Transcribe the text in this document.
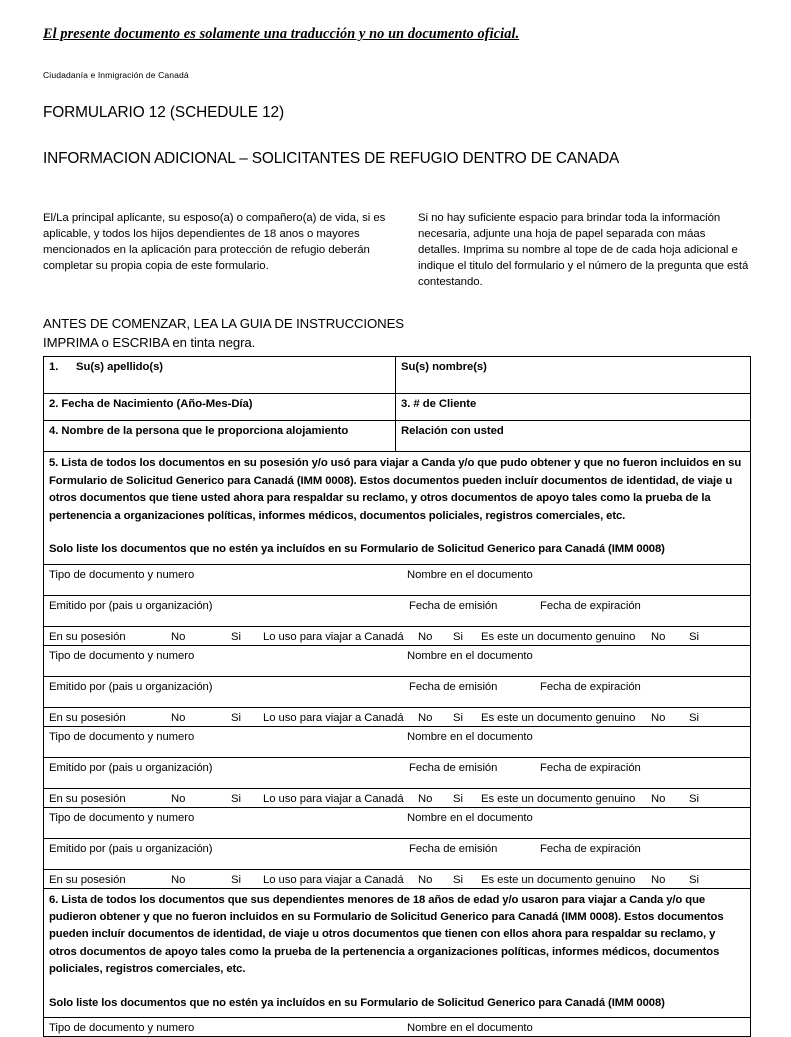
El presente documento es solamente una traducción y no un documento oficial.
Ciudadanía e Inmigración de Canadá
FORMULARIO 12 (SCHEDULE 12)
INFORMACION ADICIONAL – SOLICITANTES DE REFUGIO DENTRO DE CANADA
El/La principal aplicante, su esposo(a) o compañero(a) de vida, si es aplicable, y todos los hijos dependientes de 18 anos o mayores mencionados en la aplicación para protección de refugio deberán completar su propia copia de este formulario.
Si no hay suficiente espacio para brindar toda la información necesaria, adjunte una hoja de papel separada con máas detalles. Imprima su nombre al tope de de cada hoja adicional e indique el titulo del formulario y el número de la pregunta que está contestando.
ANTES DE COMENZAR, LEA LA GUIA DE INSTRUCCIONES
IMPRIMA o ESCRIBA en tinta negra.
1. Su(s) apellido(s)	Su(s) nombre(s)

2. Fecha de Nacimiento (Año-Mes-Día)	3. # de Cliente

4. Nombre de la persona que le proporciona alojamiento	Relación con usted

5. Lista de todos los documentos en su posesión y/o usó para viajar a Canda y/o que pudo obtener y que no fueron incluidos en su Formulario de Solicitud Generico para Canadá (IMM 0008). Estos documentos pueden incluír documentos de identidad, de viaje u otros documentos que tiene usted ahora para respaldar su reclamo, y otros documentos de apoyo tales como la prueba de la pertenencia a organizaciones políticas, informes médicos, documentos policiales, registros comerciales, etc.

Solo liste los documentos que no estén ya incluídos en su Formulario de Solicitud Generico para Canadá (IMM 0008)	

Tipo de documento y numero Nombre en el documento	

Emitido por (pais u organización) Fecha de emisión Fecha de expiración	

En su posesión	No	Si Lo uso para viajar a Canadá No Si Es este un documento genuino No Si

Tipo de documento y numero Nombre en el documento	

Emitido por (pais u organización) Fecha de emisión Fecha de expiración	

En su posesión	No	Si Lo uso para viajar a Canadá No Si Es este un documento genuino No Si

Tipo de documento y numero Nombre en el documento	

Emitido por (pais u organización) Fecha de emisión Fecha de expiración	

En su posesión	No	Si Lo uso para viajar a Canadá No Si Es este un documento genuino No Si

Tipo de documento y numero Nombre en el documento	

Emitido por (pais u organización) Fecha de emisión Fecha de expiración	

En su posesión	No	Si Lo uso para viajar a Canadá No Si Es este un documento genuino No Si

6. Lista de todos los documentos que sus dependientes menores de 18 años de edad y/o usaron para viajar a Canda y/o que pudieron obtener y que no fueron incluidos en su Formulario de Solicitud Generico para Canadá (IMM 0008). Estos documentos pueden incluír documentos de identidad, de viaje u otros documentos que tienen con ellos ahora para respaldar su reclamo, y otros documentos de apoyo tales como la prueba de la pertenencia a organizaciones políticas, informes médicos, documentos policiales, registros comerciales, etc.

Solo liste los documentos que no estén ya incluídos en su Formulario de Solicitud Generico para Canadá (IMM 0008)	

Tipo de documento y numero Nombre en el documento	
